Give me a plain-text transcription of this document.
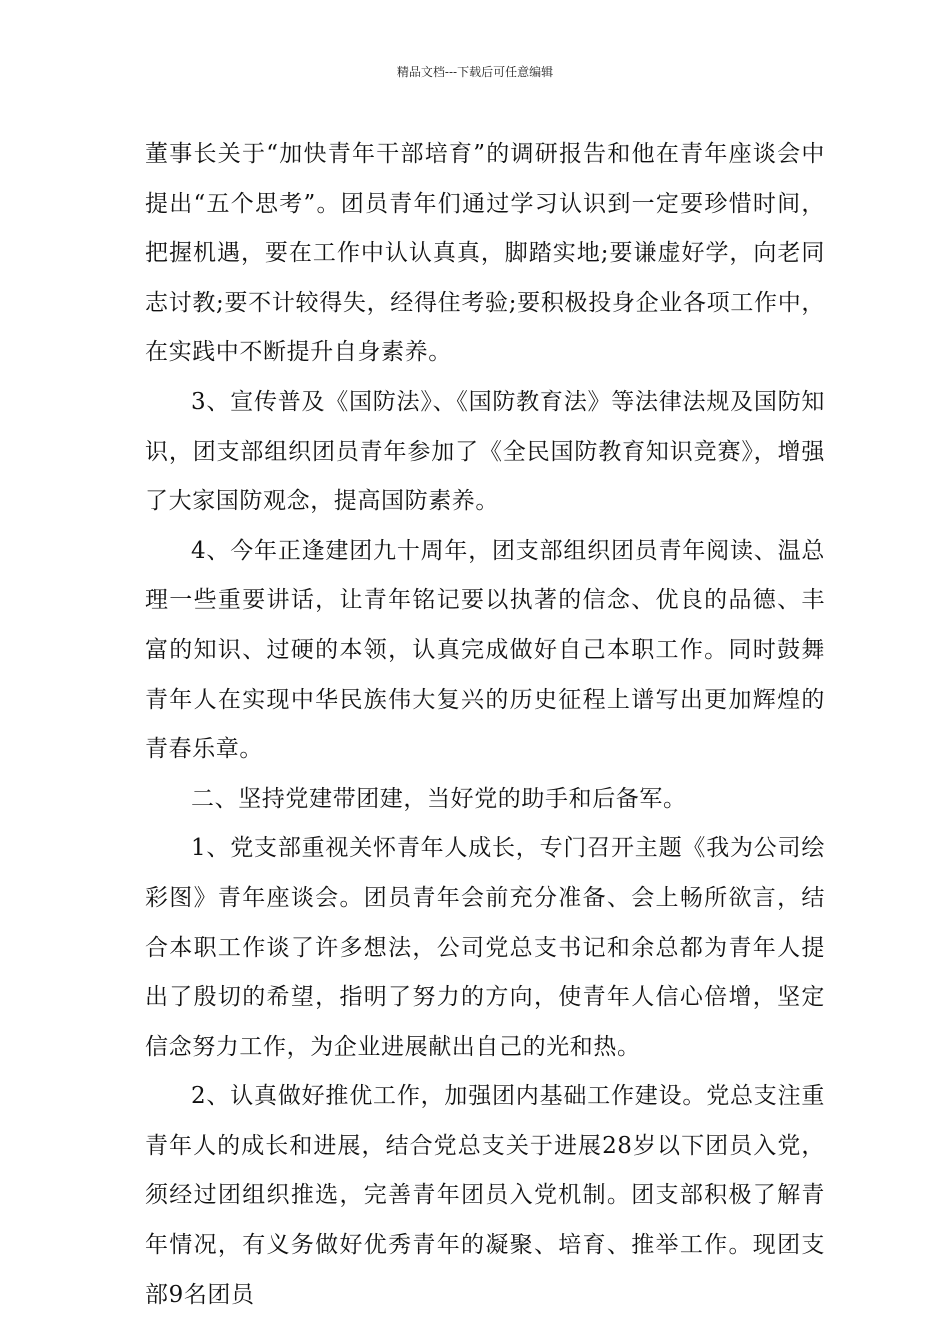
精品文档---下载后可任意编辑

董事长关于“加快青年干部培育”的调研报告和他在青年座谈会中提出“五个思考”。团员青年们通过学习认识到一定要珍惜时间，把握机遇，要在工作中认认真真，脚踏实地;要谦虚好学，向老同志讨教;要不计较得失，经得住考验;要积极投身企业各项工作中，在实践中不断提升自身素养。

3、宣传普及《国防法》、《国防教育法》等法律法规及国防知识，团支部组织团员青年参加了《全民国防教育知识竞赛》，增强了大家国防观念，提高国防素养。

4、今年正逢建团九十周年，团支部组织团员青年阅读、温总理一些重要讲话，让青年铭记要以执著的信念、优良的品德、丰富的知识、过硬的本领，认真完成做好自己本职工作。同时鼓舞青年人在实现中华民族伟大复兴的历史征程上谱写出更加辉煌的青春乐章。

二、坚持党建带团建，当好党的助手和后备军。

1、党支部重视关怀青年人成长，专门召开主题《我为公司绘彩图》青年座谈会。团员青年会前充分准备、会上畅所欲言，结合本职工作谈了许多想法，公司党总支书记和余总都为青年人提出了殷切的希望，指明了努力的方向，使青年人信心倍增，坚定信念努力工作，为企业进展献出自己的光和热。

2、认真做好推优工作，加强团内基础工作建设。党总支注重青年人的成长和进展，结合党总支关于进展28岁以下团员入党，须经过团组织推选，完善青年团员入党机制。团支部积极了解青年情况，有义务做好优秀青年的凝聚、培育、推举工作。现团支部9名团员
